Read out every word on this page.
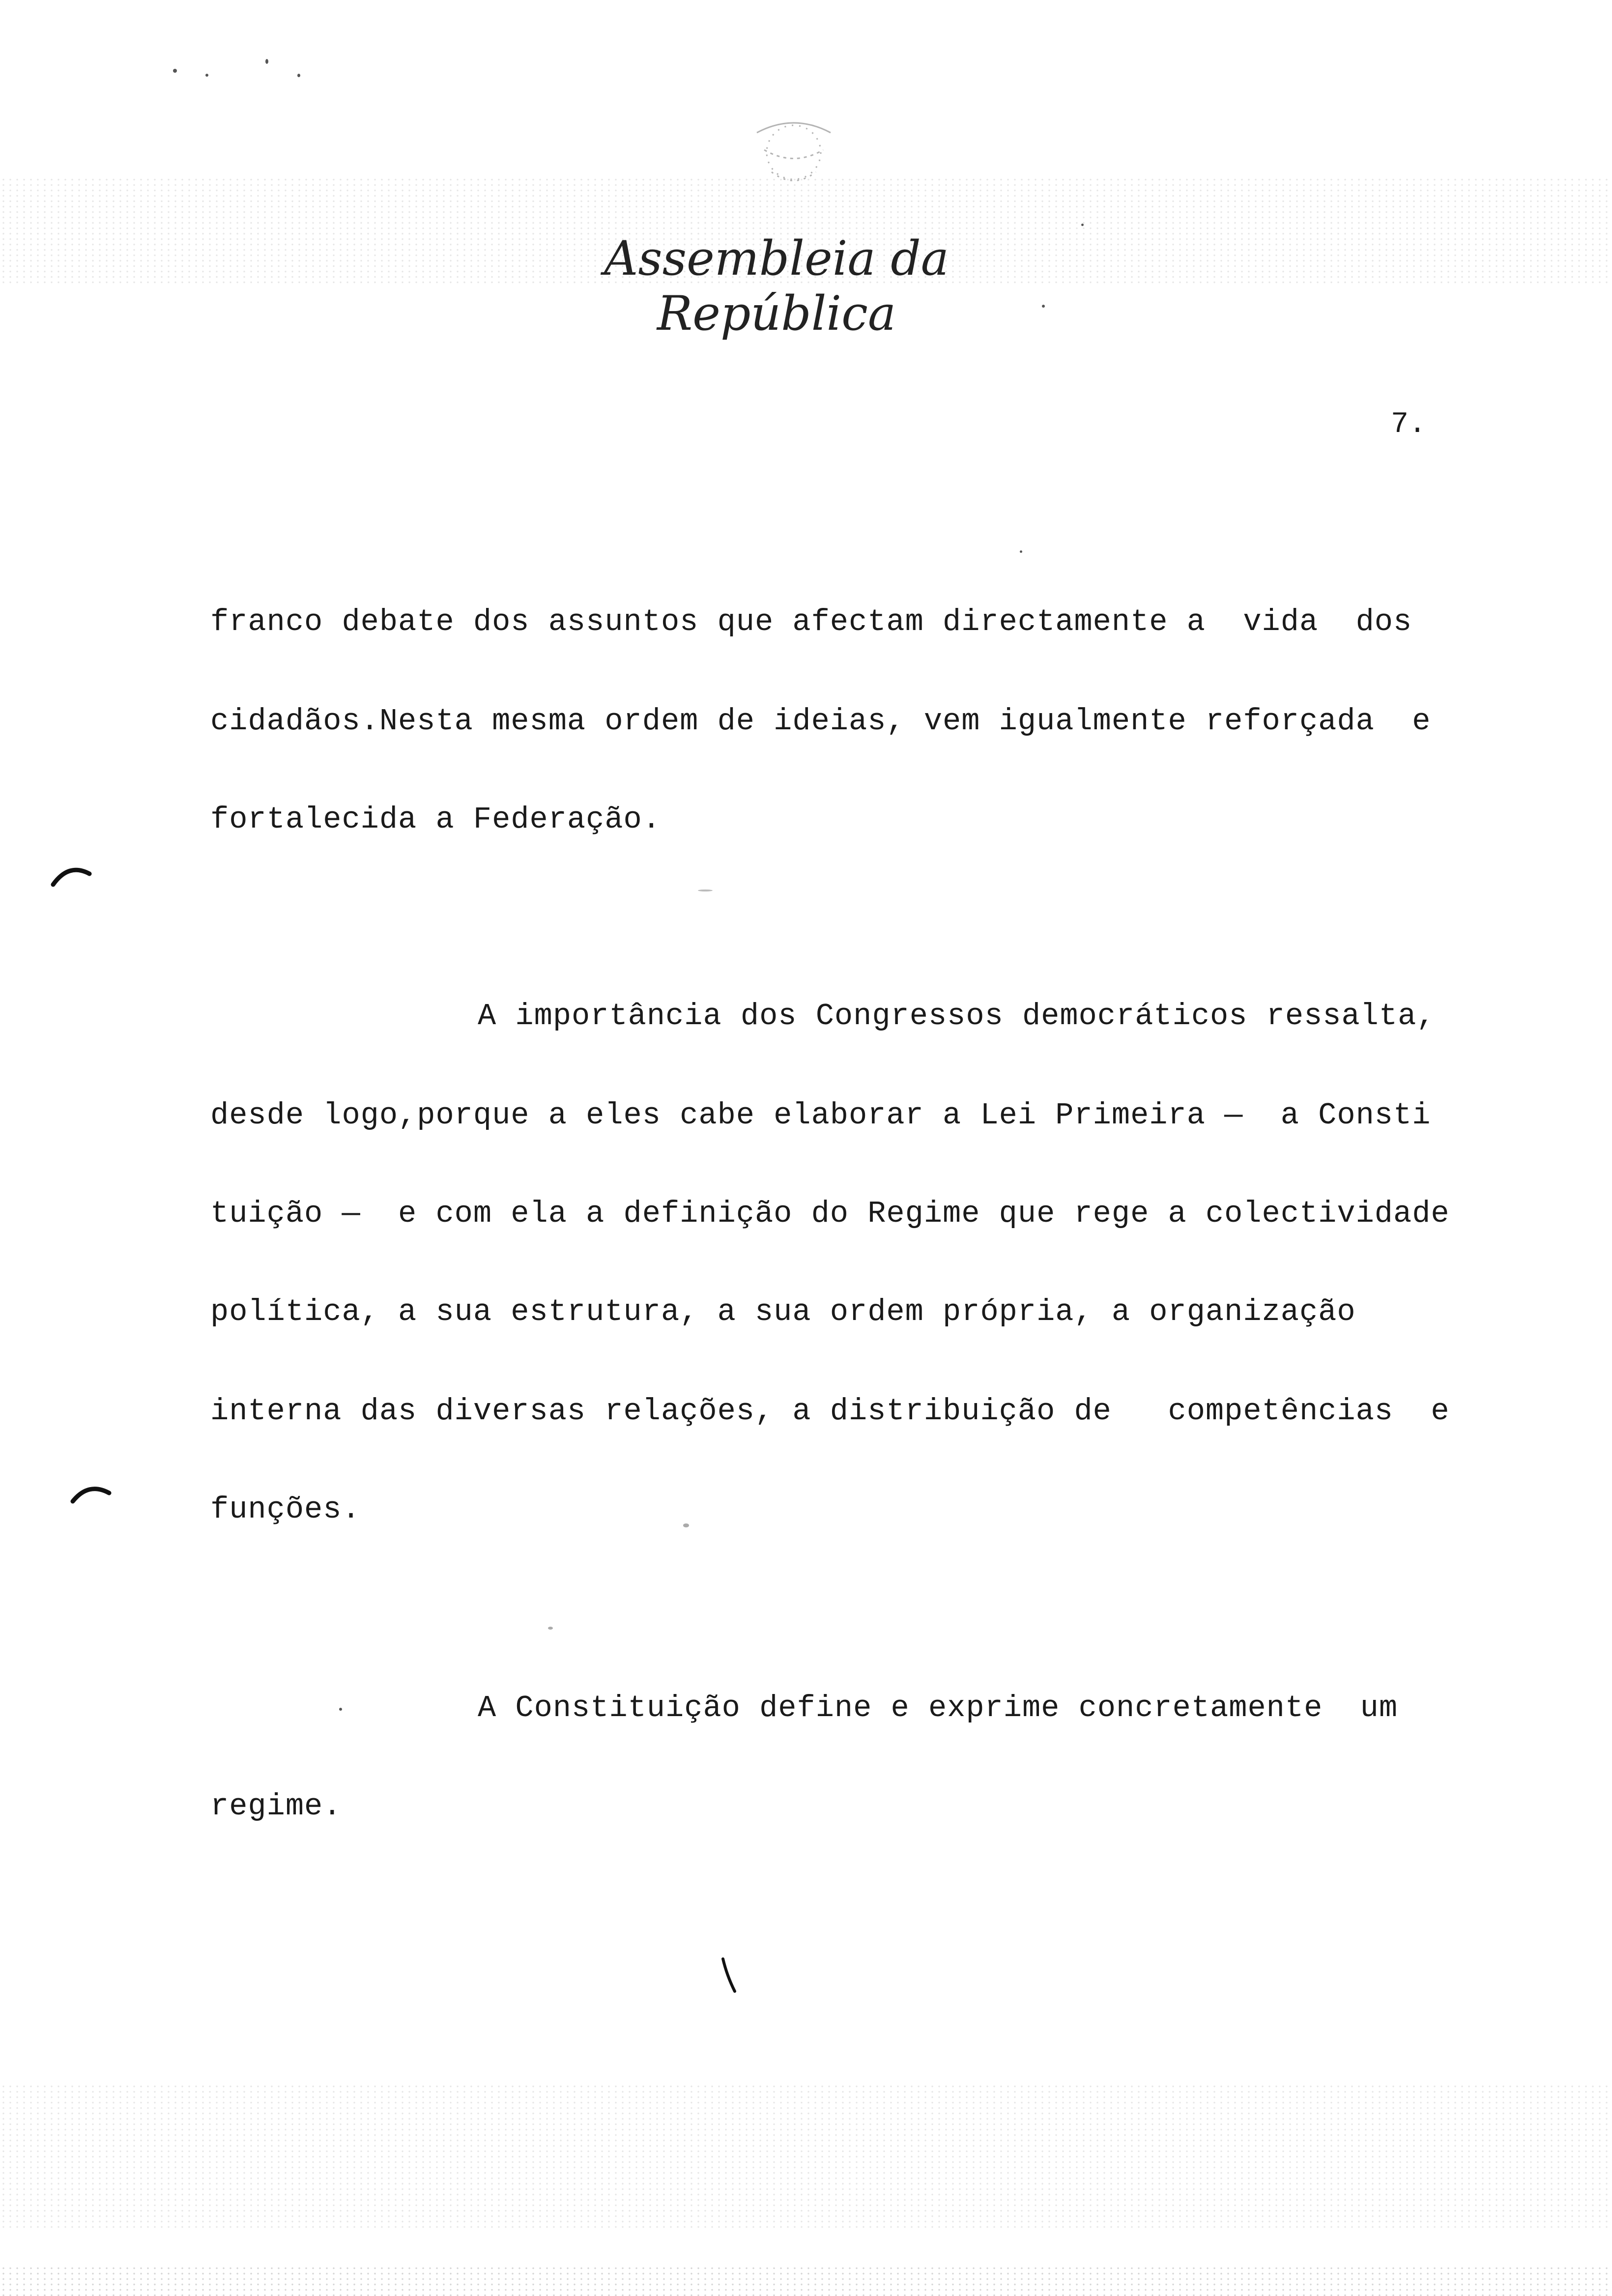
Assembleia da República
7.
franco debate dos assuntos que afectam directamente a  vida  dos
cidadãos.Nesta mesma ordem de ideias, vem igualmente reforçada  e
fortalecida a Federação.
A importância dos Congressos democráticos ressalta,
desde logo,porque a eles cabe elaborar a Lei Primeira —  a Consti
tuição —  e com ela a definição do Regime que rege a colectividade
política, a sua estrutura, a sua ordem própria, a organização
interna das diversas relações, a distribuição de   competências  e
funções.
A Constituição define e exprime concretamente  um
regime.
